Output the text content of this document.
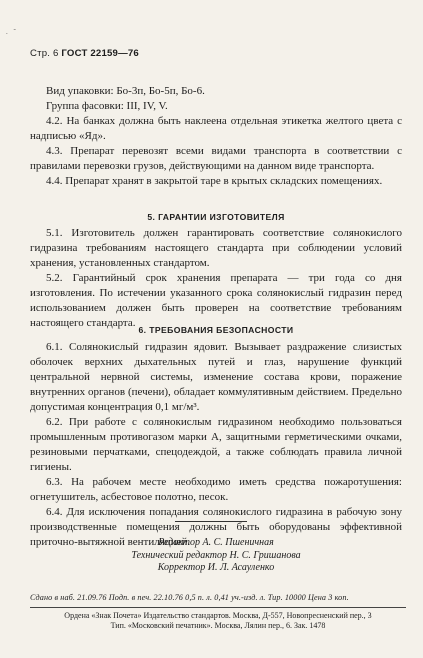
. ˇ
Стр. 6 ГОСТ 22159—76

Вид упаковки: Бо-3п, Бо-5п, Бо-6.

Группа фасовки: III, IV, V.

4.2. На банках должна быть наклеена отдельная этикетка желтого цвета с надписью «Яд».

4.3. Препарат перевозят всеми видами транспорта в соответствии с правилами перевозки грузов, действующими на данном виде транспорта.

4.4. Препарат хранят в закрытой таре в крытых складских помещениях.

5. ГАРАНТИИ ИЗГОТОВИТЕЛЯ

5.1. Изготовитель должен гарантировать соответствие солянокислого гидразина требованиям настоящего стандарта при соблюдении условий хранения, установленных стандартом.

5.2. Гарантийный срок хранения препарата — три года со дня изготовления. По истечении указанного срока солянокислый гидразин перед использованием должен быть проверен на соответствие требованиям настоящего стандарта.

6. ТРЕБОВАНИЯ БЕЗОПАСНОСТИ

6.1. Солянокислый гидразин ядовит. Вызывает раздражение слизистых оболочек верхних дыхательных путей и глаз, нарушение функций центральной нервной системы, изменение состава крови, поражение внутренних органов (печени), обладает коммулятивным действием. Предельно допустимая концентрация 0,1 мг/м³.

6.2. При работе с солянокислым гидразином необходимо пользоваться промышленным противогазом марки А, защитными герметическими очками, резиновыми перчатками, спецодеждой, а также соблюдать правила личной гигиены.

6.3. На рабочем месте необходимо иметь средства пожаротушения: огнетушитель, асбестовое полотно, песок.

6.4. Для исключения попадания солянокислого гидразина в рабочую зону производственные помещения должны быть оборудованы эффективной приточно-вытяжной вентиляцией.

Редактор А. С. Пшеничная
Технический редактор Н. С. Гришанова
Корректор И. Л. Асауленко
Сдано в наб. 21.09.76 Подп. в печ. 22.10.76 0,5 п. л. 0,41 уч.-изд. л. Тир. 10000 Цена 3 коп.
Ордена «Знак Почета» Издательство стандартов. Москва, Д-557, Новопресненский пер., 3
Тип. «Московский печатник». Москва, Лялин пер., 6. Зак. 1478
